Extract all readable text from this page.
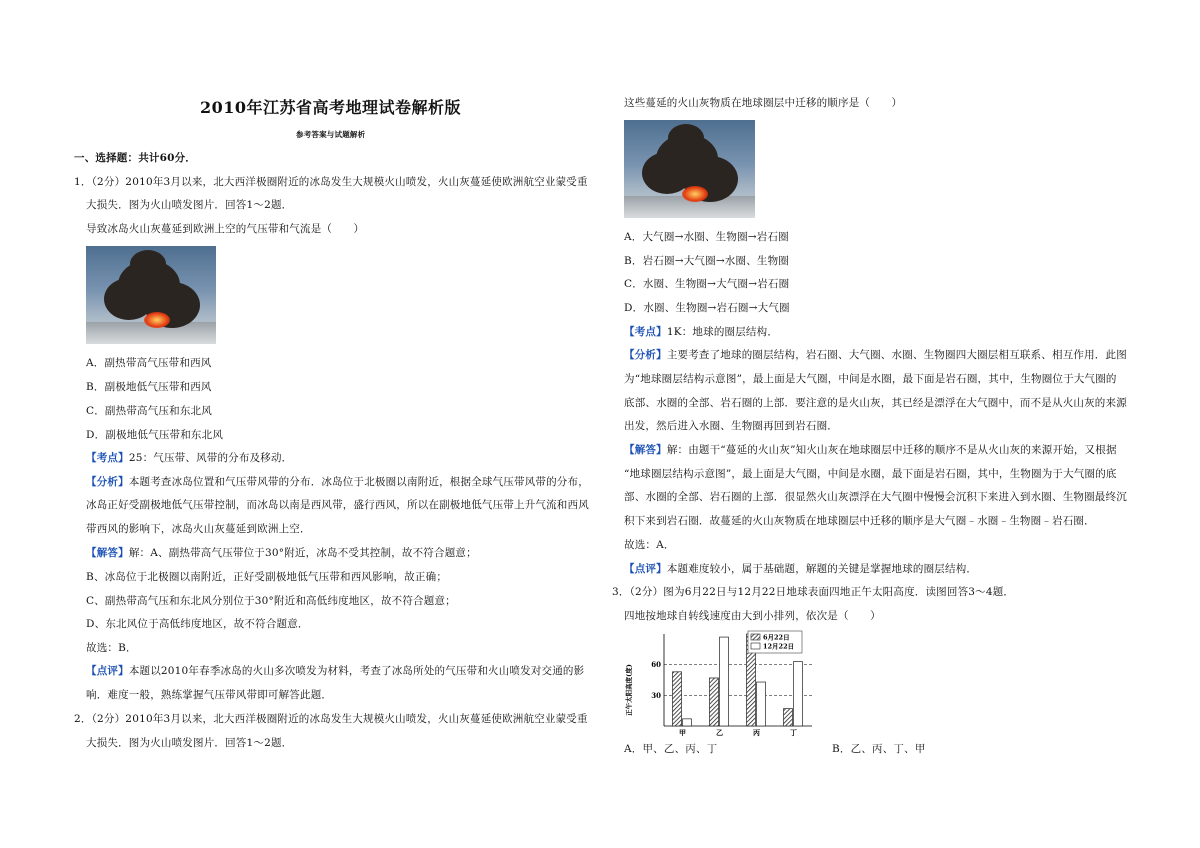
2010年江苏省高考地理试卷解析版
参考答案与试题解析
一、选择题：共计60分．
1．（2分）2010年3月以来，北大西洋极圈附近的冰岛发生大规模火山喷发，火山灰蔓延使欧洲航空业蒙受重
大损失．图为火山喷发图片．回答1～2题．
导致冰岛火山灰蔓延到欧洲上空的气压带和气流是（　　）
A．副热带高气压带和西风
B．副极地低气压带和西风
C．副热带高气压和东北风
D．副极地低气压带和东北风
【考点】25：气压带、风带的分布及移动．
【分析】本题考查冰岛位置和气压带风带的分布．冰岛位于北极圈以南附近，根据全球气压带风带的分布，
冰岛正好受副极地低气压带控制，而冰岛以南是西风带，盛行西风，所以在副极地低气压带上升气流和西风
带西风的影响下，冰岛火山灰蔓延到欧洲上空．
【解答】解：A、副热带高气压带位于30°附近，冰岛不受其控制，故不符合题意；
B、冰岛位于北极圈以南附近，正好受副极地低气压带和西风影响，故正确；
C、副热带高气压和东北风分别位于30°附近和高低纬度地区，故不符合题意；
D、东北风位于高低纬度地区，故不符合题意．
故选：B．
【点评】本题以2010年春季冰岛的火山多次喷发为材料，考查了冰岛所处的气压带和火山喷发对交通的影
响．难度一般，熟练掌握气压带风带即可解答此题．
2．（2分）2010年3月以来，北大西洋极圈附近的冰岛发生大规模火山喷发，火山灰蔓延使欧洲航空业蒙受重
大损失．图为火山喷发图片．回答1～2题．
这些蔓延的火山灰物质在地球圈层中迁移的顺序是（　　）
A．大气圈→水圈、生物圈→岩石圈
B．岩石圈→大气圈→水圈、生物圈
C．水圈、生物圈→大气圈→岩石圈
D．水圈、生物圈→岩石圈→大气圈
【考点】1K：地球的圈层结构．
【分析】主要考查了地球的圈层结构，岩石圈、大气圈、水圈、生物圈四大圈层相互联系、相互作用．此图
为“地球圈层结构示意图”，最上面是大气圈，中间是水圈，最下面是岩石圈，其中，生物圈位于大气圈的
底部、水圈的全部、岩石圈的上部．要注意的是火山灰，其已经是漂浮在大气圈中，而不是从火山灰的来源
出发，然后进入水圈、生物圈再回到岩石圈．
【解答】解：由题干“蔓延的火山灰”知火山灰在地球圈层中迁移的顺序不是从火山灰的来源开始，又根据
“地球圈层结构示意图”，最上面是大气圈，中间是水圈，最下面是岩石圈，其中，生物圈为于大气圈的底
部、水圈的全部、岩石圈的上部．很显然火山灰漂浮在大气圈中慢慢会沉积下来进入到水圈、生物圈最终沉
积下来到岩石圈．故蔓延的火山灰物质在地球圈层中迁移的顺序是大气圈﹣水圈﹣生物圈﹣岩石圈．
故选：A．
【点评】本题难度较小，属于基础题，解题的关键是掌握地球的圈层结构．
3．（2分）图为6月22日与12月22日地球表面四地正午太阳高度．读图回答3～4题．
四地按地球自转线速度由大到小排列，依次是（　　）
正午太阳高度(度)
甲	乙	丙	丁
30
60
6月22日
12月22日
A．甲、乙、丙、丁	B．乙、丙、丁、甲
